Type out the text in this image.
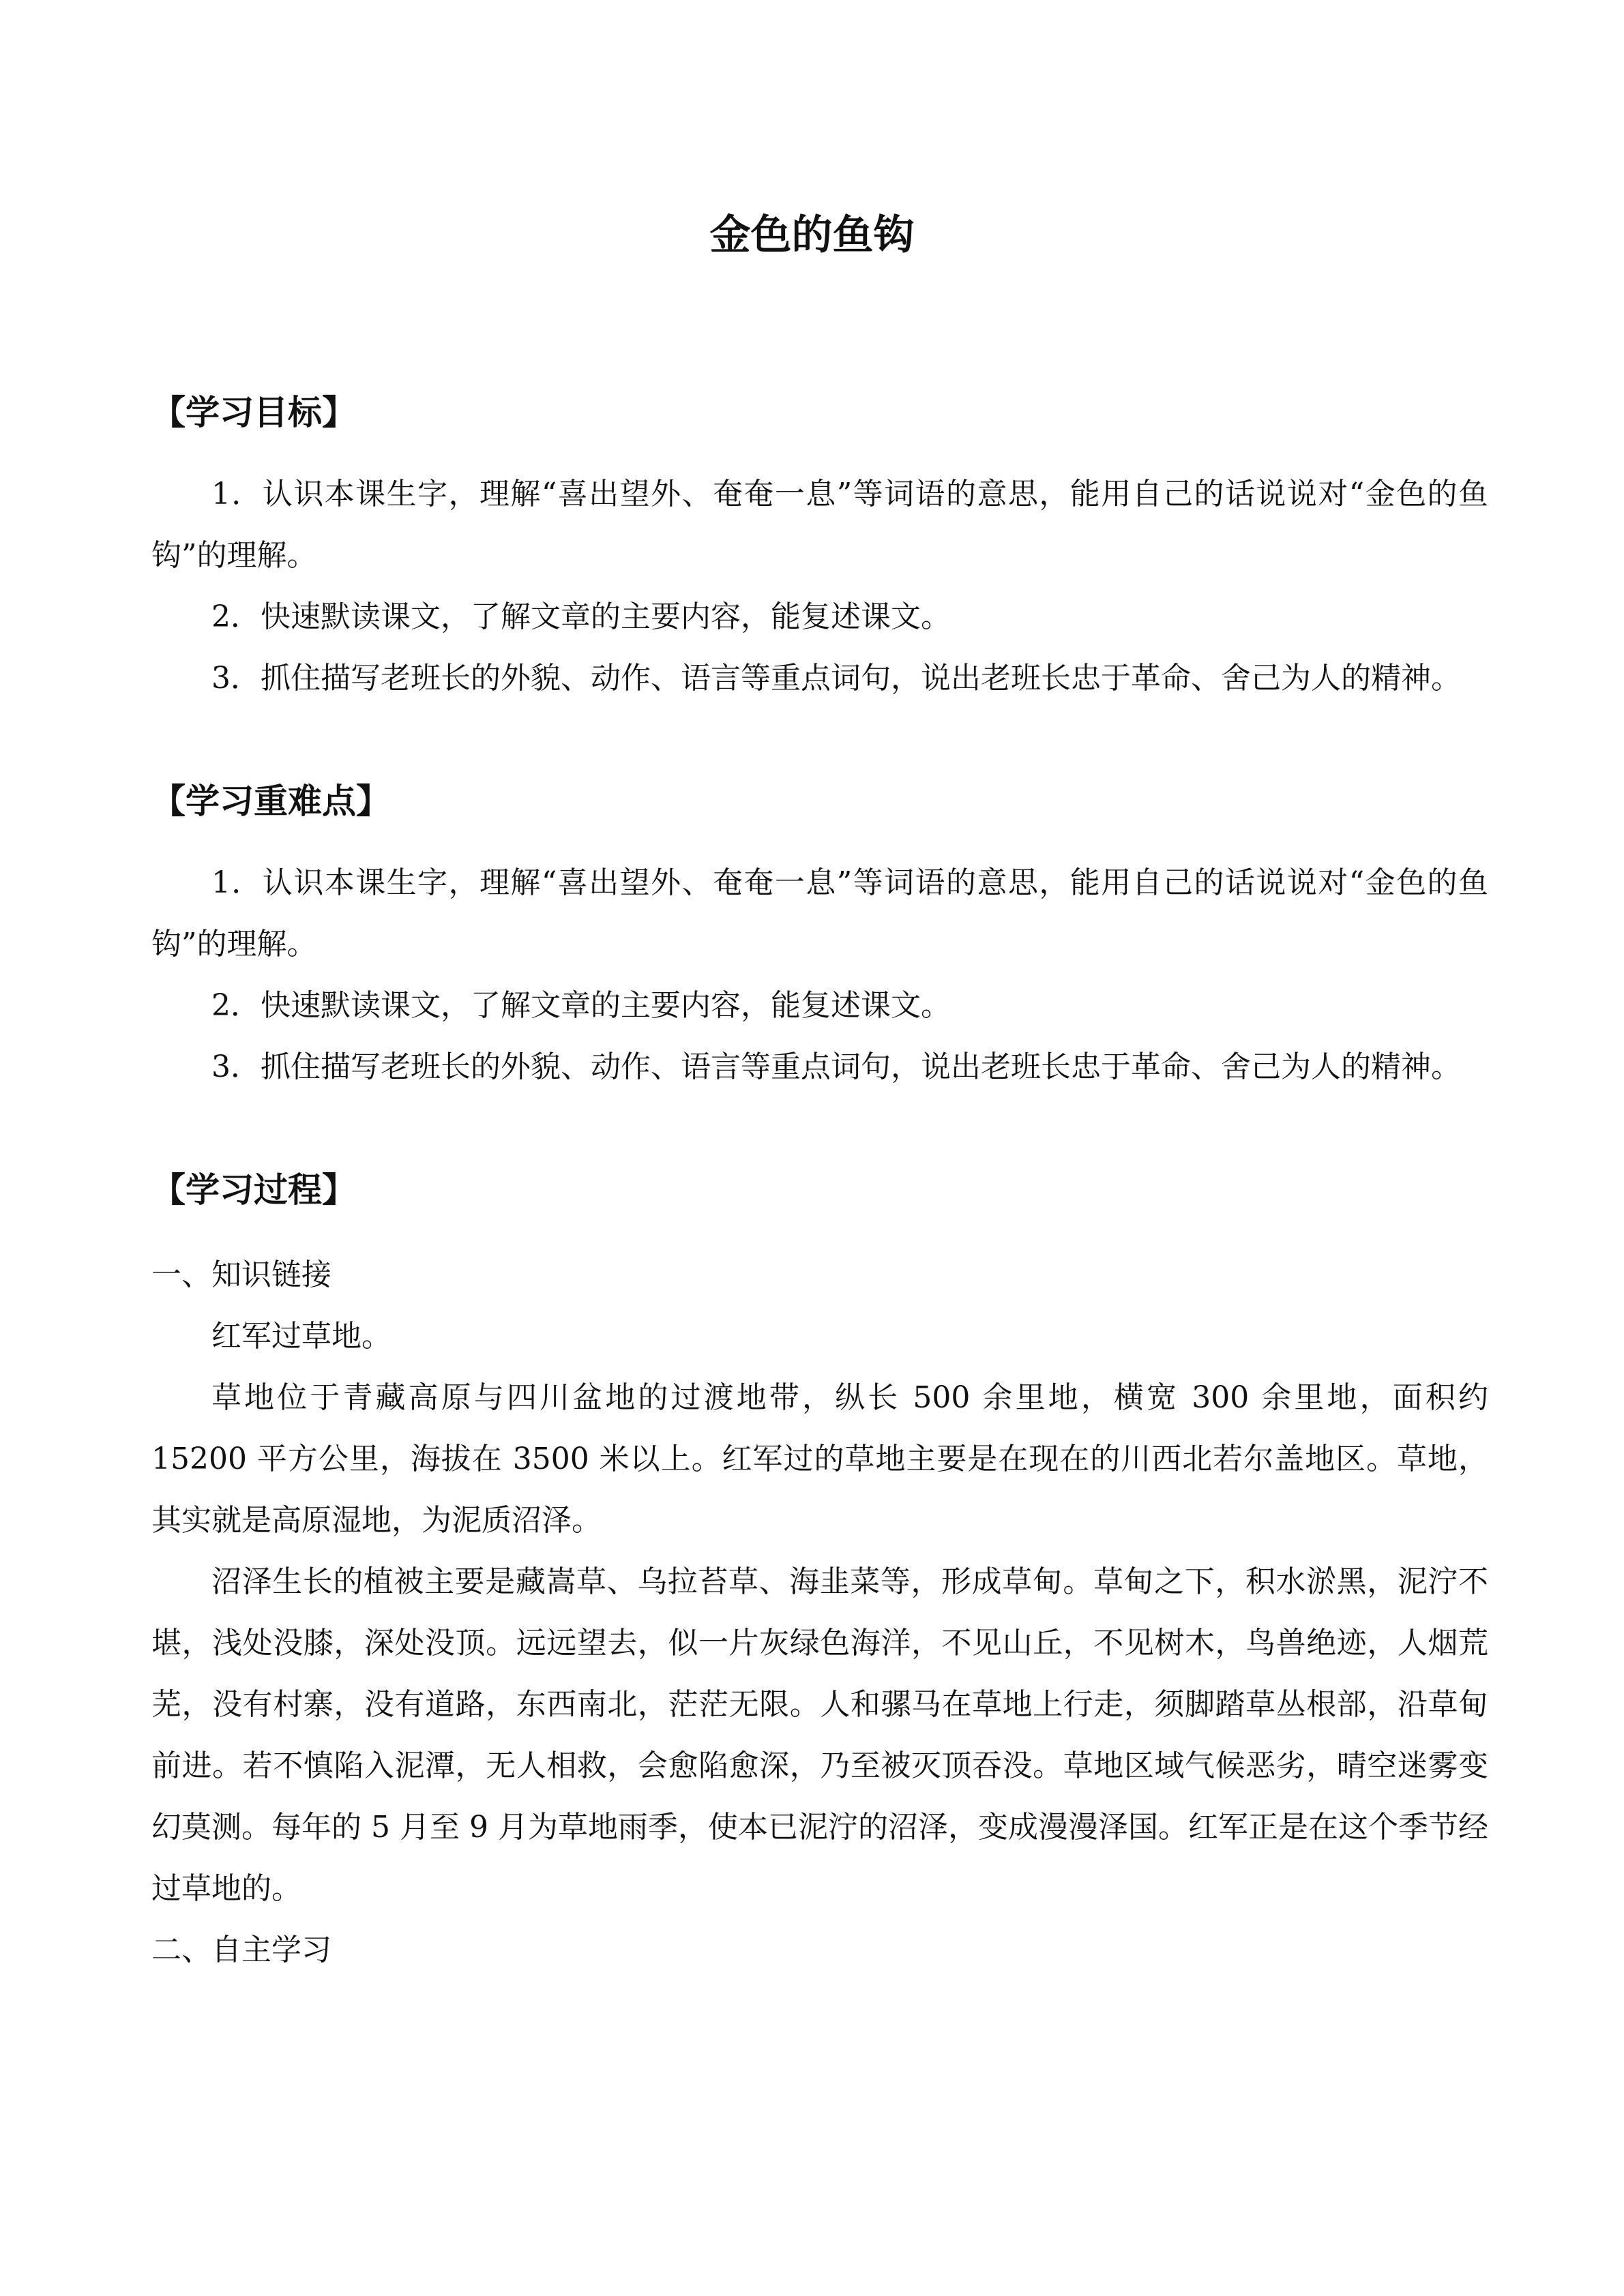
金色的鱼钩
【学习目标】

1．认识本课生字，理解“喜出望外、奄奄一息”等词语的意思，能用自己的话说说对“金色的鱼钩”的理解。

2．快速默读课文，了解文章的主要内容，能复述课文。

3．抓住描写老班长的外貌、动作、语言等重点词句，说出老班长忠于革命、舍己为人的精神。

【学习重难点】

1．认识本课生字，理解“喜出望外、奄奄一息”等词语的意思，能用自己的话说说对“金色的鱼钩”的理解。

2．快速默读课文，了解文章的主要内容，能复述课文。

3．抓住描写老班长的外貌、动作、语言等重点词句，说出老班长忠于革命、舍己为人的精神。

【学习过程】

一、知识链接

红军过草地。

草地位于青藏高原与四川盆地的过渡地带，纵长 500 余里地，横宽 300 余里地，面积约 15200 平方公里，海拔在 3500 米以上。红军过的草地主要是在现在的川西北若尔盖地区。草地，其实就是高原湿地，为泥质沼泽。

沼泽生长的植被主要是藏嵩草、乌拉苔草、海韭菜等，形成草甸。草甸之下，积水淤黑，泥泞不堪，浅处没膝，深处没顶。远远望去，似一片灰绿色海洋，不见山丘，不见树木，鸟兽绝迹，人烟荒芜，没有村寨，没有道路，东西南北，茫茫无限。人和骡马在草地上行走，须脚踏草丛根部，沿草甸前进。若不慎陷入泥潭，无人相救，会愈陷愈深，乃至被灭顶吞没。草地区域气候恶劣，晴空迷雾变幻莫测。每年的 5 月至 9 月为草地雨季，使本已泥泞的沼泽，变成漫漫泽国。红军正是在这个季节经过草地的。

二、自主学习
